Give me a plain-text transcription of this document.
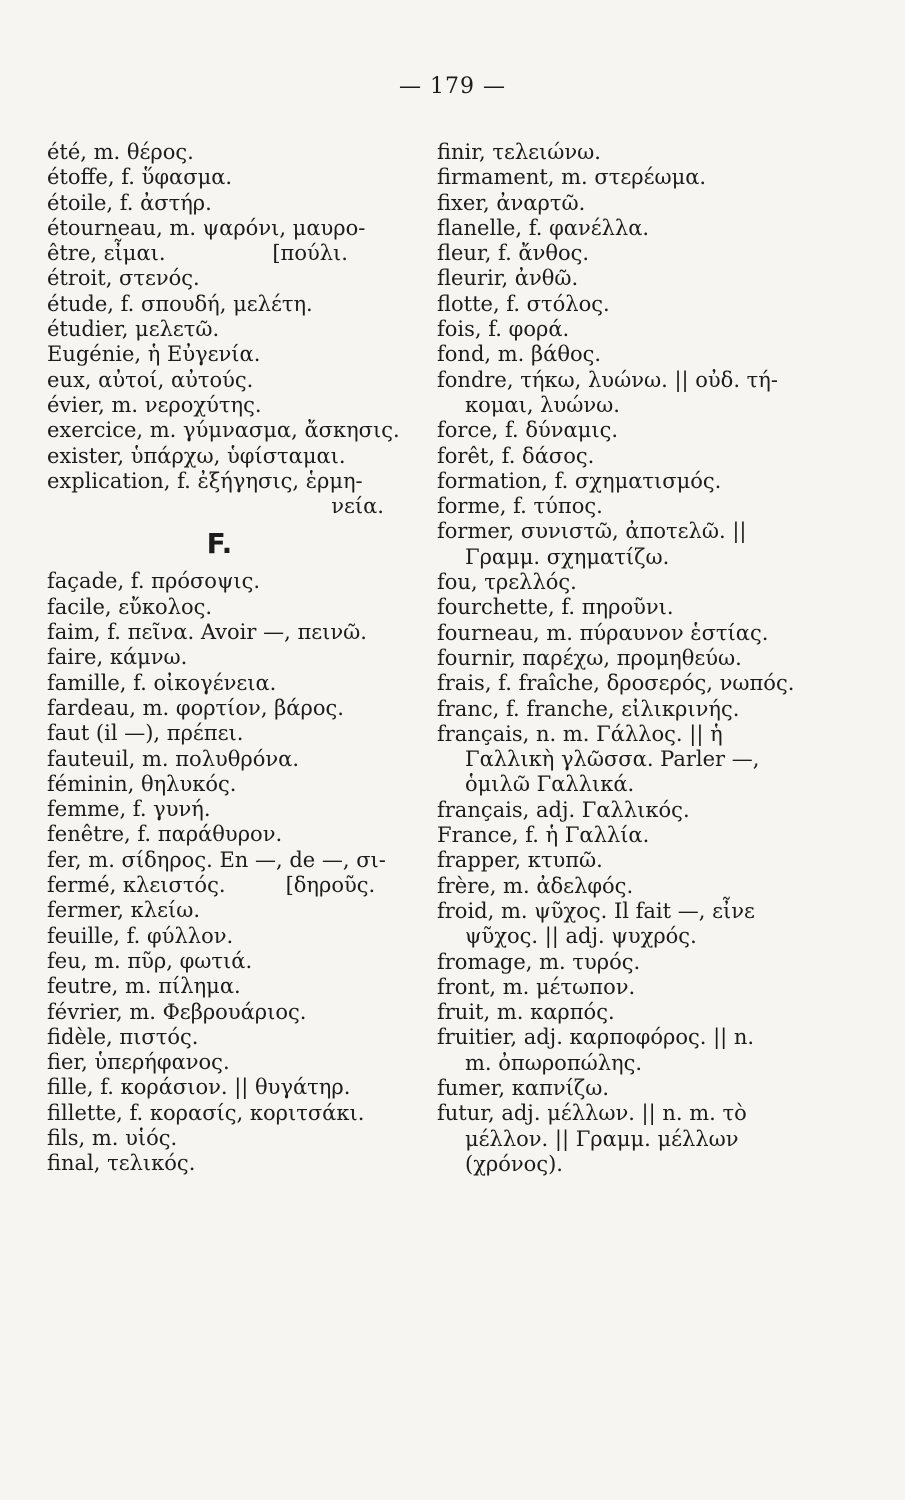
— 179 —
été, m. θέρος.
étoffe, f. ὕφασμα.
étoile, f. ἀστήρ.
étourneau, m. ψαρόνι, μαυρο-
être, εἶμαι.                [πούλι.
étroit, στενός.
étude, f. σπουδή, μελέτη.
étudier, μελετῶ.
Eugénie, ἡ Εὐγενία.
eux, αὐτοί, αὐτούς.
évier, m. νεροχύτης.
exercice, m. γύμνασμα, ἄσκησις.
exister, ὑπάρχω, ὑφίσταμαι.
explication, f. ἐξήγησις, ἑρμη-
νεία.
F.
façade, f. πρόσοψις.
facile, εὔκολος.
faim, f. πεῖνα. Avoir —, πεινῶ.
faire, κάμνω.
famille, f. οἰκογένεια.
fardeau, m. φορτίον, βάρος.
faut (il —), πρέπει.
fauteuil, m. πολυθρόνα.
féminin, θηλυκός.
femme, f. γυνή.
fenêtre, f. παράθυρον.
fer, m. σίδηρος. En —, de —, σι-
fermé, κλειστός.         [δηροῦς.
fermer, κλείω.
feuille, f. φύλλον.
feu, m. πῦρ, φωτιά.
feutre, m. πίλημα.
février, m. Φεβρουάριος.
fidèle, πιστός.
fier, ὑπερήφανος.
fille, f. κοράσιον. || θυγάτηρ.
fillette, f. κορασίς, κοριτσάκι.
fils, m. υἱός.
final, τελικός.
finir, τελειώνω.
firmament, m. στερέωμα.
fixer, ἀναρτῶ.
flanelle, f. φανέλλα.
fleur, f. ἄνθος.
fleurir, ἀνθῶ.
flotte, f. στόλος.
fois, f. φορά.
fond, m. βάθος.
fondre, τήκω, λυώνω. || οὐδ. τή-
κομαι, λυώνω.
force, f. δύναμις.
forêt, f. δάσος.
formation, f. σχηματισμός.
forme, f. τύπος.
former, συνιστῶ, ἀποτελῶ. ||
Γραμμ. σχηματίζω.
fou, τρελλός.
fourchette, f. πηροῦνι.
fourneau, m. πύραυνον ἑστίας.
fournir, παρέχω, προμηθεύω.
frais, f. fraîche, δροσερός, νωπός.
franc, f. franche, εἰλικρινής.
français, n. m. Γάλλος. || ἡ
Γαλλικὴ γλῶσσα. Parler —,
ὁμιλῶ Γαλλικά.
français, adj. Γαλλικός.
France, f. ἡ Γαλλία.
frapper, κτυπῶ.
frère, m. ἀδελφός.
froid, m. ψῦχος. Il fait —, εἶνε
ψῦχος. || adj. ψυχρός.
fromage, m. τυρός.
front, m. μέτωπον.
fruit, m. καρπός.
fruitier, adj. καρποφόρος. || n.
m. ὀπωροπώλης.
fumer, καπνίζω.
futur, adj. μέλλων. || n. m. τὸ
μέλλον. || Γραμμ. μέλλων
(χρόνος).
